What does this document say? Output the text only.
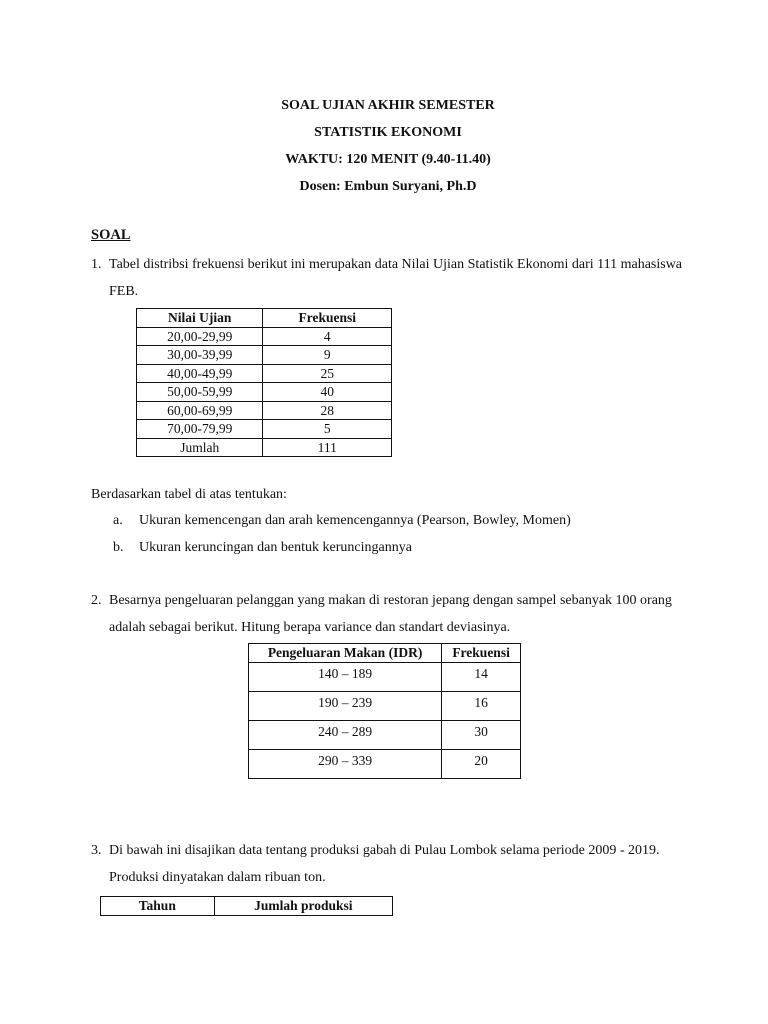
SOAL UJIAN AKHIR SEMESTER
STATISTIK EKONOMI
WAKTU: 120 MENIT (9.40-11.40)
Dosen: Embun Suryani, Ph.D
SOAL
1. Tabel distribsi frekuensi berikut ini merupakan data Nilai Ujian Statistik Ekonomi dari 111 mahasiswa FEB.
Nilai Ujian	Frekuensi
20,00-29,99	4
30,00-39,99	9
40,00-49,99	25
50,00-59,99	40
60,00-69,99	28
70,00-79,99	5
Jumlah	111
Berdasarkan tabel di atas tentukan:
a. Ukuran kemencengan dan arah kemencengannya (Pearson, Bowley, Momen)
b. Ukuran keruncingan dan bentuk keruncingannya
2. Besarnya pengeluaran pelanggan yang makan di restoran jepang dengan sampel sebanyak 100 orang adalah sebagai berikut. Hitung berapa variance dan standart deviasinya.
Pengeluaran Makan (IDR)	Frekuensi
140 – 189	14
190 – 239	16
240 – 289	30
290 – 339	20
3. Di bawah ini disajikan data tentang produksi gabah di Pulau Lombok selama periode 2009 - 2019. Produksi dinyatakan dalam ribuan ton.
Tahun	Jumlah produksi
